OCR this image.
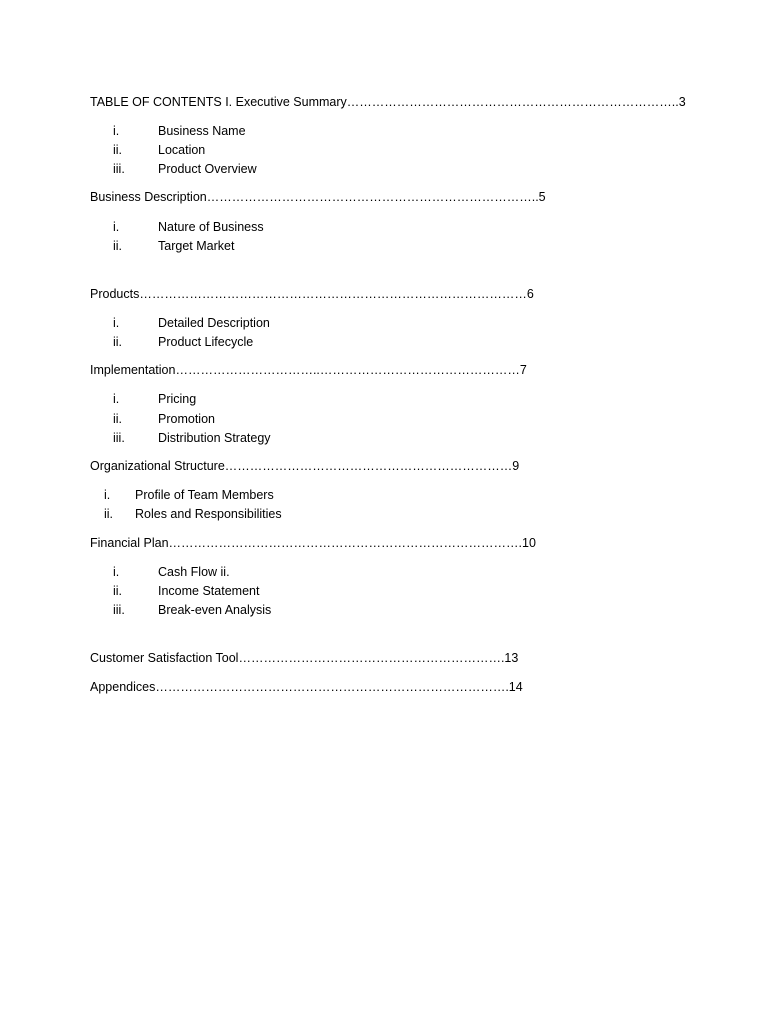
TABLE OF CONTENTS I. Executive Summary……………………………………………………………………..3
i.	Business Name
ii.	Location
iii.	Product Overview
Business Description……………………………………………………………………..5
i.	Nature of Business
ii.	Target Market
Products…………………………………………………………………………………6
i.	Detailed Description
ii.	Product Lifecycle
Implementation……………………………..…………………………………………7
i.	Pricing
ii.	Promotion
iii.	Distribution Strategy
Organizational Structure……………………………………………………………9
i. Profile of Team Members
ii. Roles and Responsibilities
Financial Plan………………………………………………………………………….10
i.	Cash Flow ii.
ii.	Income Statement
iii.	Break-even Analysis
Customer Satisfaction Tool……………………………………………………….13
Appendices………………………………………………………………………….14
